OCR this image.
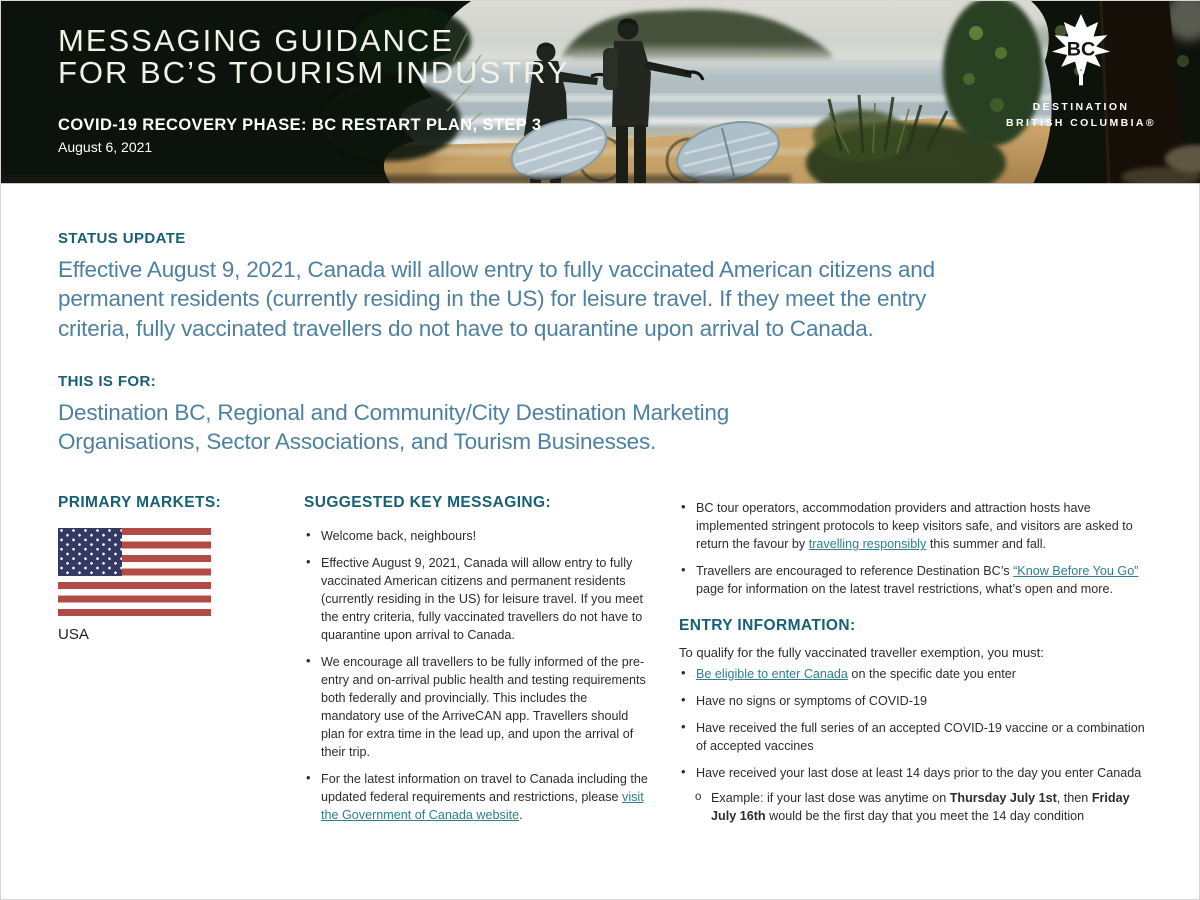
MESSAGING GUIDANCE
FOR BC’S TOURISM INDUSTRY
COVID-19 RECOVERY PHASE: BC RESTART PLAN, STEP 3
August 6, 2021
BC
DESTINATION
BRITISH COLUMBIA®
STATUS UPDATE
Effective August 9, 2021, Canada will allow entry to fully vaccinated American citizens and permanent residents (currently residing in the US) for leisure travel. If they meet the entry criteria, fully vaccinated travellers do not have to quarantine upon arrival to Canada.
THIS IS FOR:
Destination BC, Regional and Community/City Destination Marketing Organisations, Sector Associations, and Tourism Businesses.
PRIMARY MARKETS:
USA
SUGGESTED KEY MESSAGING:
• Welcome back, neighbours!
• Effective August 9, 2021, Canada will allow entry to fully vaccinated American citizens and permanent residents (currently residing in the US) for leisure travel. If you meet the entry criteria, fully vaccinated travellers do not have to quarantine upon arrival to Canada.
• We encourage all travellers to be fully informed of the pre-entry and on-arrival public health and testing requirements both federally and provincially. This includes the mandatory use of the ArriveCAN app. Travellers should plan for extra time in the lead up, and upon the arrival of their trip.
• For the latest information on travel to Canada including the updated federal requirements and restrictions, please visit the Government of Canada website.
• BC tour operators, accommodation providers and attraction hosts have implemented stringent protocols to keep visitors safe, and visitors are asked to return the favour by travelling responsibly this summer and fall.
• Travellers are encouraged to reference Destination BC’s “Know Before You Go” page for information on the latest travel restrictions, what’s open and more.
ENTRY INFORMATION:
To qualify for the fully vaccinated traveller exemption, you must:
• Be eligible to enter Canada on the specific date you enter
• Have no signs or symptoms of COVID-19
• Have received the full series of an accepted COVID-19 vaccine or a combination of accepted vaccines
• Have received your last dose at least 14 days prior to the day you enter Canada
o Example: if your last dose was anytime on Thursday July 1st, then Friday July 16th would be the first day that you meet the 14 day condition
